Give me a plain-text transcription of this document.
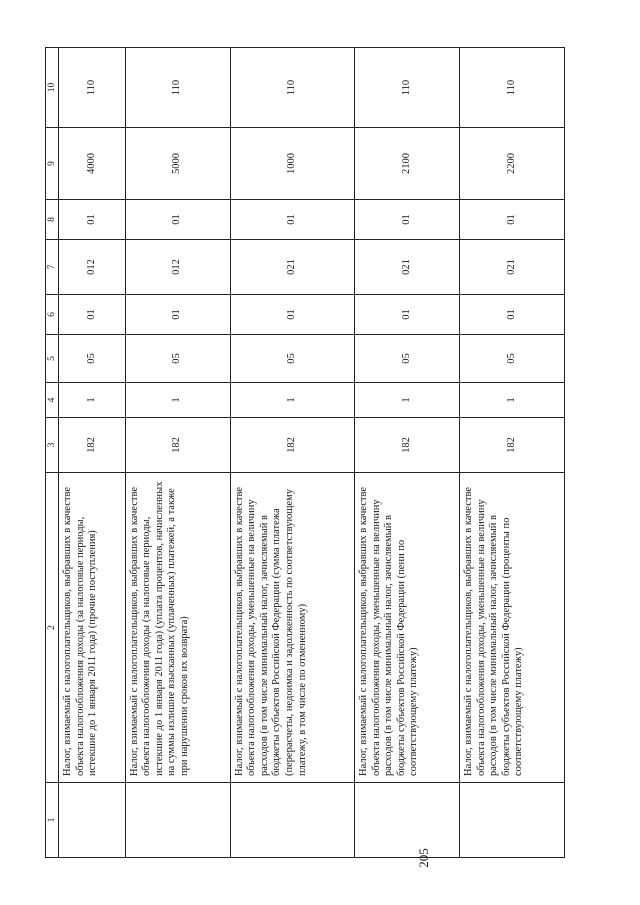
205
1	2	3	4	5	6	7	8	9	10
	Налог, взимаемый с налогоплательщиков, выбравших в качестве объекта налогообложения доходы (за налоговые периоды, истекшие до 1 января 2011 года) (прочие поступления)	182	1	05	01	012	01	4000	110
	Налог, взимаемый с налогоплательщиков, выбравших в качестве объекта налогообложения доходы (за налоговые периоды, истекшие до 1 января 2011 года) (уплата процентов, начисленных на суммы излишне взысканных (уплаченных) платежей, а также при нарушении сроков их возврата)	182	1	05	01	012	01	5000	110
	Налог, взимаемый с налогоплательщиков, выбравших в качестве объекта налогообложения доходы, уменьшенные на величину расходов (в том числе минимальный налог, зачисляемый в бюджеты субъектов Российской Федерации (сумма платежа (перерасчеты, недоимка и задолженность по соответствующему платежу, в том числе по отмененному)	182	1	05	01	021	01	1000	110
	Налог, взимаемый с налогоплательщиков, выбравших в качестве объекта налогообложения доходы, уменьшенные на величину расходов (в том числе минимальный налог, зачисляемый в бюджеты субъектов Российской Федерации (пени по соответствующему платежу)	182	1	05	01	021	01	2100	110
	Налог, взимаемый с налогоплательщиков, выбравших в качестве объекта налогообложения доходы, уменьшенные на величину расходов (в том числе минимальный налог, зачисляемый в бюджеты субъектов Российской Федерации (проценты по соответствующему платежу)	182	1	05	01	021	01	2200	110
